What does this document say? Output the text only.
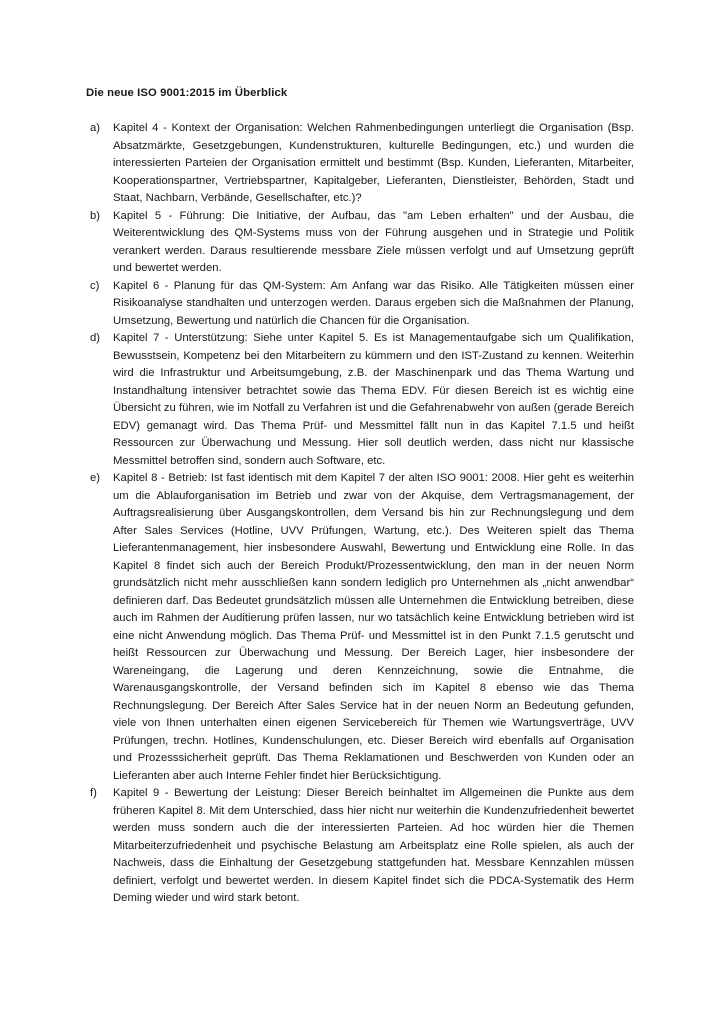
Die neue ISO 9001:2015 im Überblick

a) Kapitel 4 - Kontext der Organisation: Welchen Rahmenbedingungen unterliegt die Organisation (Bsp. Absatzmärkte, Gesetzgebungen, Kundenstrukturen, kulturelle Bedingungen, etc.) und wurden die interessierten Parteien der Organisation ermittelt und bestimmt (Bsp. Kunden, Lieferanten, Mitarbeiter, Kooperationspartner, Vertriebspartner, Kapitalgeber, Lieferanten, Dienstleister, Behörden, Stadt und Staat, Nachbarn, Verbände, Gesellschafter, etc.)?
b) Kapitel 5 - Führung: Die Initiative, der Aufbau, das "am Leben erhalten" und der Ausbau, die Weiterentwicklung des QM-Systems muss von der Führung ausgehen und in Strategie und Politik verankert werden. Daraus resultierende messbare Ziele müssen verfolgt und auf Umsetzung geprüft und bewertet werden.
c) Kapitel 6 - Planung für das QM-System: Am Anfang war das Risiko. Alle Tätigkeiten müssen einer Risikoanalyse standhalten und unterzogen werden. Daraus ergeben sich die Maßnahmen der Planung, Umsetzung, Bewertung und natürlich die Chancen für die Organisation.
d) Kapitel 7 - Unterstützung: Siehe unter Kapitel 5. Es ist Managementaufgabe sich um Qualifikation, Bewusstsein, Kompetenz bei den Mitarbeitern zu kümmern und den IST-Zustand zu kennen. Weiterhin wird die Infrastruktur und Arbeitsumgebung, z.B. der Maschinenpark und das Thema Wartung und Instandhaltung intensiver betrachtet sowie das Thema EDV. Für diesen Bereich ist es wichtig eine Übersicht zu führen, wie im Notfall zu Verfahren ist und die Gefahrenabwehr von außen (gerade Bereich EDV) gemanagt wird. Das Thema Prüf- und Messmittel fällt nun in das Kapitel 7.1.5 und heißt Ressourcen zur Überwachung und Messung. Hier soll deutlich werden, dass nicht nur klassische Messmittel betroffen sind, sondern auch Software, etc.
e) Kapitel 8 - Betrieb: Ist fast identisch mit dem Kapitel 7 der alten ISO 9001: 2008. Hier geht es weiterhin um die Ablauforganisation im Betrieb und zwar von der Akquise, dem Vertragsmanagement, der Auftragsrealisierung über Ausgangskontrollen, dem Versand bis hin zur Rechnungslegung und dem After Sales Services (Hotline, UVV Prüfungen, Wartung, etc.). Des Weiteren spielt das Thema Lieferantenmanagement, hier insbesondere Auswahl, Bewertung und Entwicklung eine Rolle. In das Kapitel 8 findet sich auch der Bereich Produkt/Prozessentwicklung, den man in der neuen Norm grundsätzlich nicht mehr ausschließen kann sondern lediglich pro Unternehmen als „nicht anwendbar“ definieren darf. Das Bedeutet grundsätzlich müssen alle Unternehmen die Entwicklung betreiben, diese auch im Rahmen der Auditierung prüfen lassen, nur wo tatsächlich keine Entwicklung betrieben wird ist eine nicht Anwendung möglich. Das Thema Prüf- und Messmittel ist in den Punkt 7.1.5 gerutscht und heißt Ressourcen zur Überwachung und Messung. Der Bereich Lager, hier insbesondere der Wareneingang, die Lagerung und deren Kennzeichnung, sowie die Entnahme, die Warenausgangskontrolle, der Versand befinden sich im Kapitel 8 ebenso wie das Thema Rechnungslegung. Der Bereich After Sales Service hat in der neuen Norm an Bedeutung gefunden, viele von Ihnen unterhalten einen eigenen Servicebereich für Themen wie Wartungsverträge, UVV Prüfungen, trechn. Hotlines, Kundenschulungen, etc. Dieser Bereich wird ebenfalls auf Organisation und Prozesssicherheit geprüft. Das Thema Reklamationen und Beschwerden von Kunden oder an Lieferanten aber auch Interne Fehler findet hier Berücksichtigung.
f) Kapitel 9 - Bewertung der Leistung: Dieser Bereich beinhaltet im Allgemeinen die Punkte aus dem früheren Kapitel 8. Mit dem Unterschied, dass hier nicht nur weiterhin die Kundenzufriedenheit bewertet werden muss sondern auch die der interessierten Parteien. Ad hoc würden hier die Themen Mitarbeiterzufriedenheit und psychische Belastung am Arbeitsplatz eine Rolle spielen, als auch der Nachweis, dass die Einhaltung der Gesetzgebung stattgefunden hat. Messbare Kennzahlen müssen definiert, verfolgt und bewertet werden. In diesem Kapitel findet sich die PDCA-Systematik des Herm Deming wieder und wird stark betont.
